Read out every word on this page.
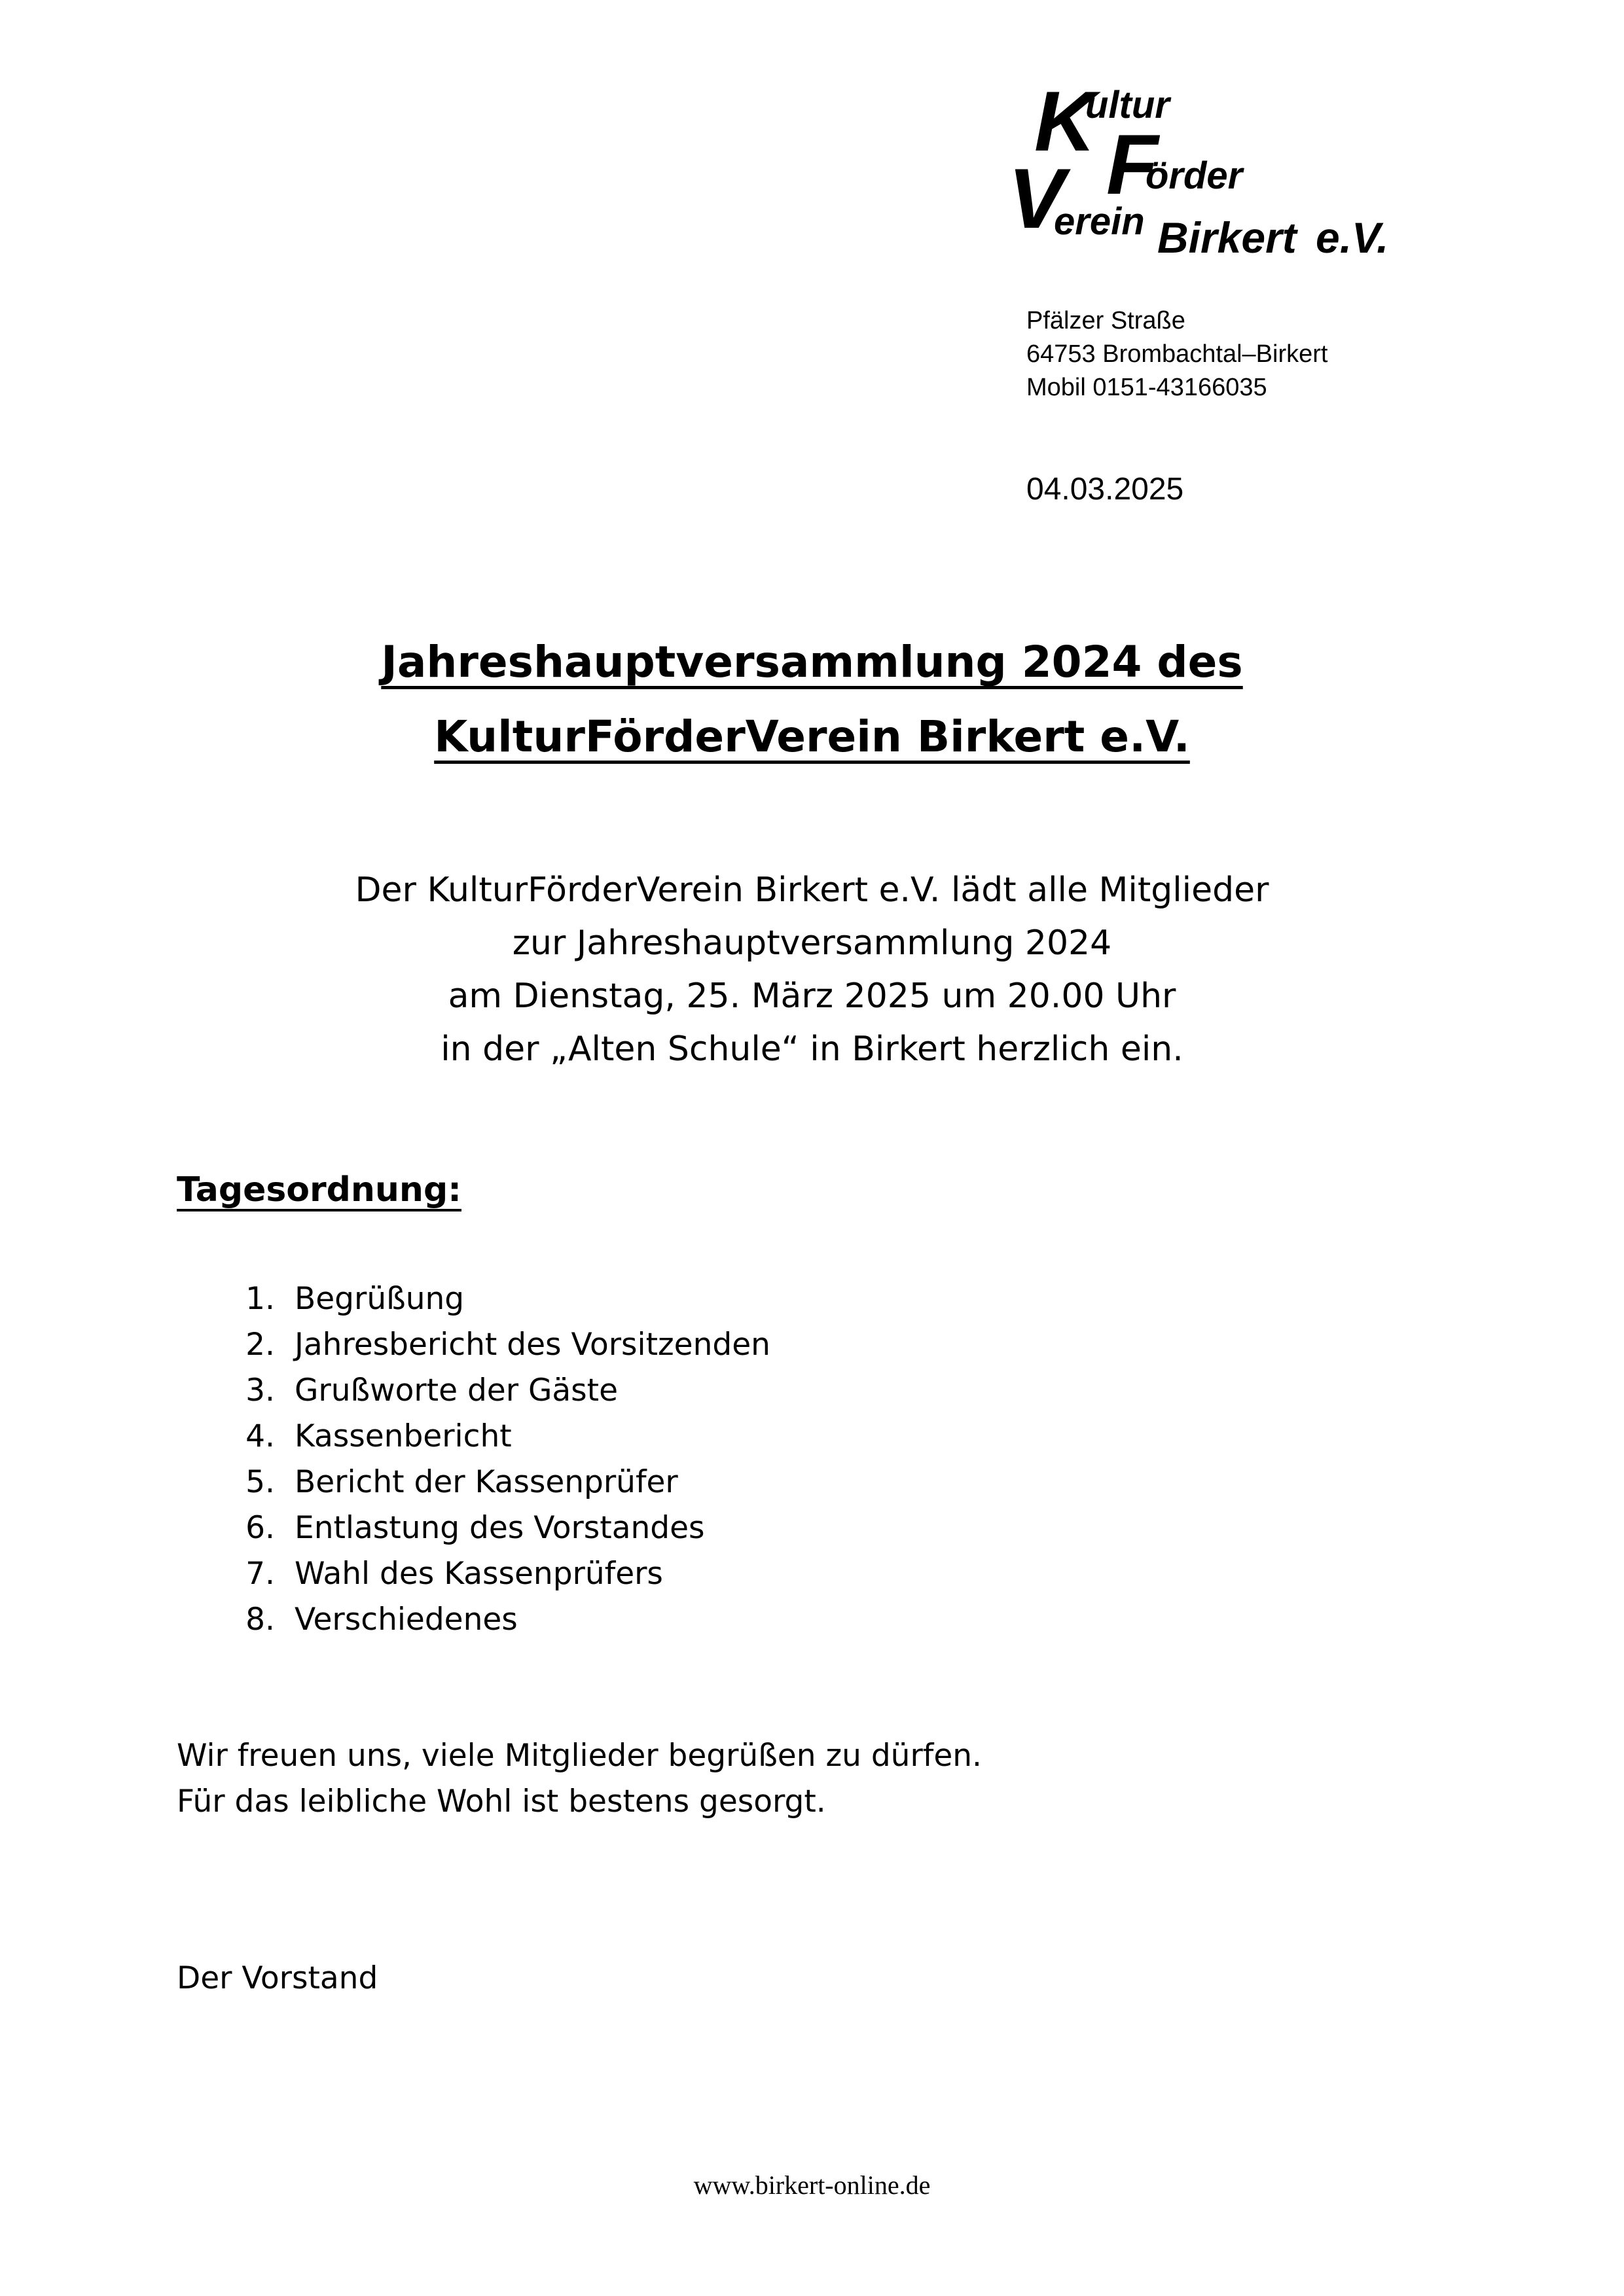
K
ultur
F
örder
V
erein Birkert e.V.
Pfälzer Straße
64753 Brombachtal–Birkert
Mobil 0151-43166035
04.03.2025
Jahreshauptversammlung 2024 des
KulturFörderVerein Birkert e.V.
Der KulturFörderVerein Birkert e.V. lädt alle Mitglieder
zur Jahreshauptversammlung 2024
am Dienstag, 25. März 2025 um 20.00 Uhr
in der „Alten Schule“ in Birkert herzlich ein.
Tagesordnung:
1. Begrüßung
2. Jahresbericht des Vorsitzenden
3. Grußworte der Gäste
4. Kassenbericht
5. Bericht der Kassenprüfer
6. Entlastung des Vorstandes
7. Wahl des Kassenprüfers
8. Verschiedenes
Wir freuen uns, viele Mitglieder begrüßen zu dürfen.
Für das leibliche Wohl ist bestens gesorgt.
Der Vorstand
www.birkert-online.de
